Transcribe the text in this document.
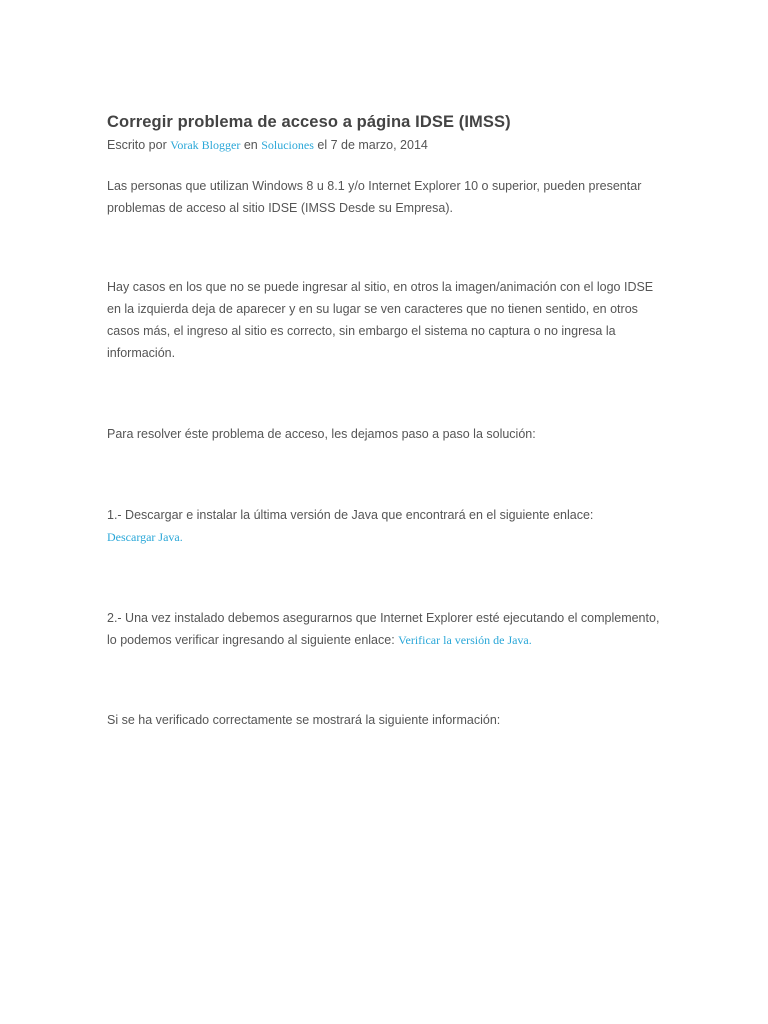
Corregir problema de acceso a página IDSE (IMSS)
Escrito por Vorak Blogger en Soluciones el 7 de marzo, 2014

Las personas que utilizan Windows 8 u 8.1 y/o Internet Explorer 10 o superior, pueden presentar problemas de acceso al sitio IDSE (IMSS Desde su Empresa).

Hay casos en los que no se puede ingresar al sitio, en otros la imagen/animación con el logo IDSE en la izquierda deja de aparecer y en su lugar se ven caracteres que no tienen sentido, en otros casos más, el ingreso al sitio es correcto, sin embargo el sistema no captura o no ingresa la información.

Para resolver éste problema de acceso, les dejamos paso a paso la solución:

1.- Descargar e instalar la última versión de Java que encontrará en el siguiente enlace:
Descargar Java.

2.- Una vez instalado debemos asegurarnos que Internet Explorer esté ejecutando el complemento, lo podemos verificar ingresando al siguiente enlace: Verificar la versión de Java.

Si se ha verificado correctamente se mostrará la siguiente información:
